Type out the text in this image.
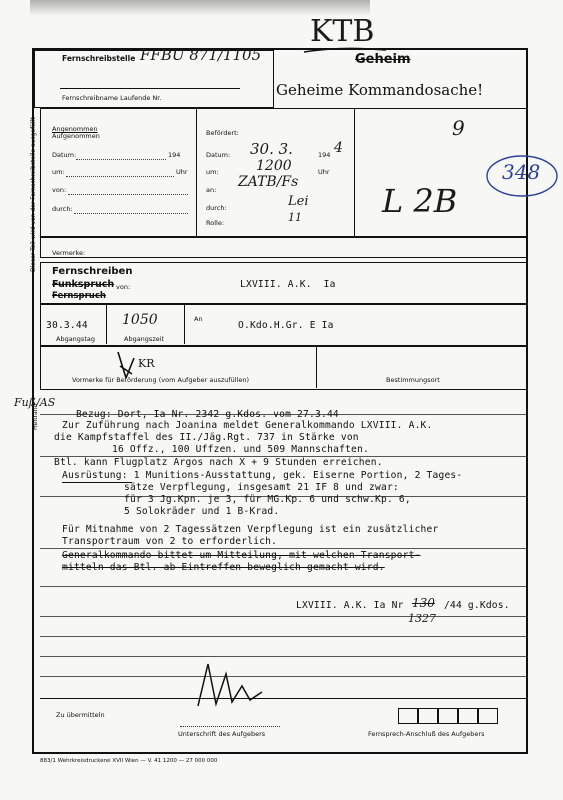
KTB
Fernschreibstelle FFBU 871/1105
Fernschreibname Laufende Nr.
Geheim
Geheime Kommandosache!
Dieser Teil wird von der Fernschreibstelle ausgefüllt Angenommen
Aufgenommen
Datum:	194
um:	Uhr
von:
durch:
Befördert:
Datum: 30. 3.	194 4
um:	1200	Uhr
an: ZATB/Fs
durch:	Lei
Rolle:	11
9
L 2B
348
Vermerke:
Fernschreiben
Funkspruch
Fernspruch
von:	LXVIII. A.K.  Ia
30.3.44
Abgangstag
1050
Abgangszeit
An
O.Kdo.H.Gr. E Ia
KR
Vormerke für Beförderung (vom Aufgeber auszufüllen)	Bestimmungsort
Heftrand
Fuß/AS

Bezug: Dort, Ia Nr. 2342 g.Kdos. vom 27.3.44

Zur Zuführung nach Joanina meldet Generalkommando LXVIII. A.K.
die Kampfstaffel des II./Jäg.Rgt. 737 in Stärke von
16 Offz., 100 Uffzen. und 509 Mannschaften.
Btl. kann Flugplatz Argos nach X + 9 Stunden erreichen.
Ausrüstung: 1 Munitions-Ausstattung, gek. Eiserne Portion, 2 Tages-
sätze Verpflegung, insgesamt 21 IF 8 und zwar:
für 3 Jg.Kpn. je 3, für MG.Kp. 6 und schw.Kp. 6,
5 Solokräder und 1 B-Krad.
Für Mitnahme von 2 Tagessätzen Verpflegung ist ein zusätzlicher
Transportraum von 2 to erforderlich.
Generalkommando bittet um Mitteilung, mit welchen Transport-
mitteln das Btl. ab Eintreffen beweglich gemacht wird.
LXVIII. A.K. Ia Nr 130 /44 g.Kdos.
1327
Zu übermitteln
Unterschrift des Aufgebers	Fernsprech-Anschluß des Aufgebers
883/1 Wehrkreisdruckerei XVII Wien — V. 41 1200 — 27 000 000
